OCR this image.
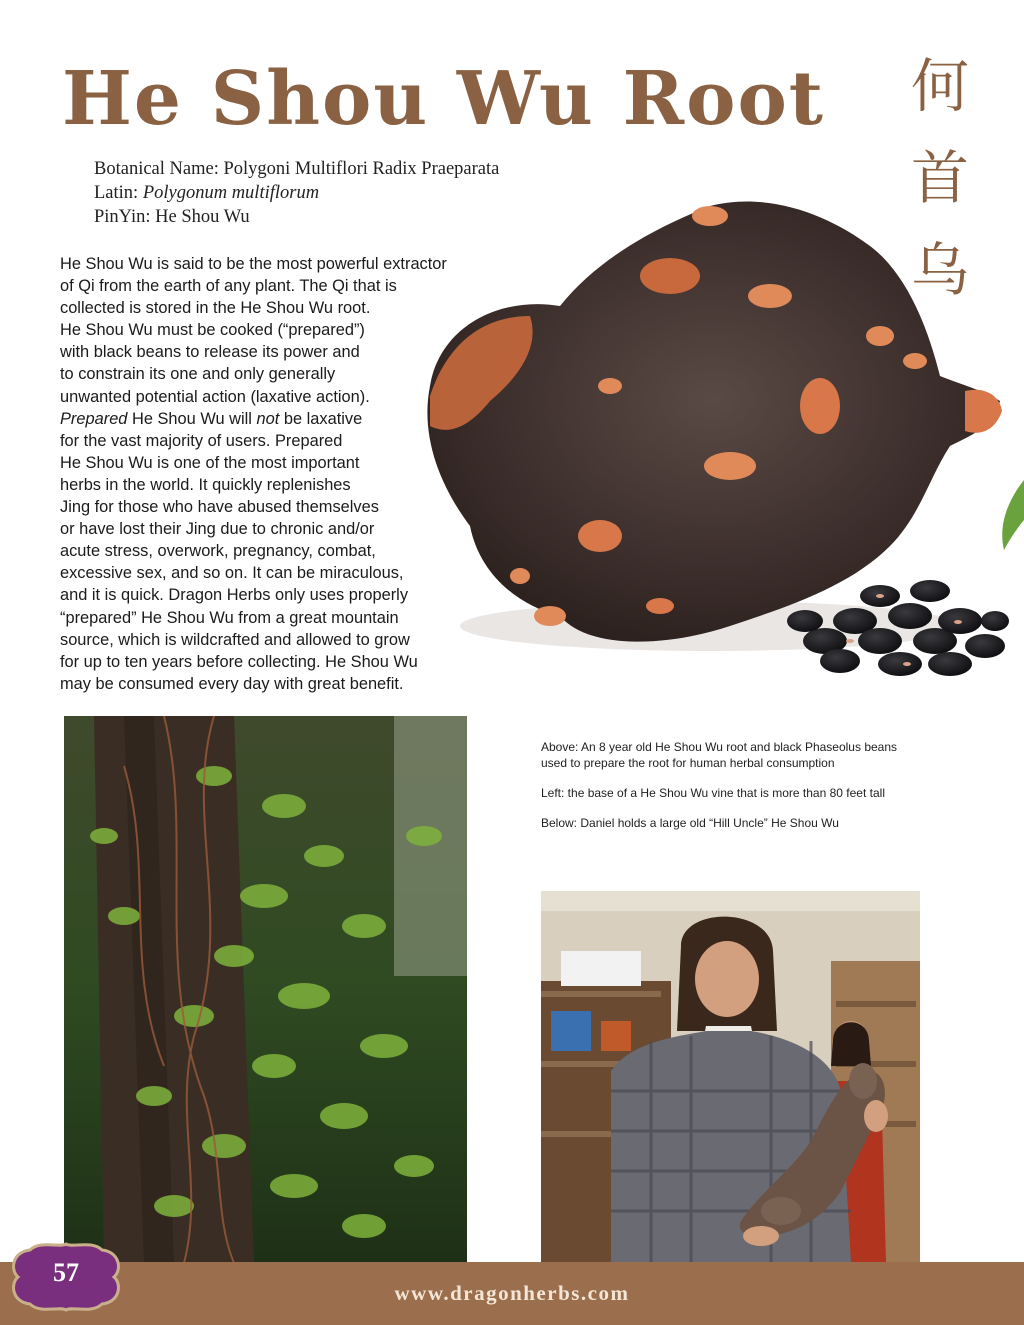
He Shou Wu Root 何
首
乌
Botanical Name: Polygoni Multiflori Radix Praeparata
Latin: Polygonum multiflorum
PinYin: He Shou Wu

He Shou Wu is said to be the most powerful extractor
of Qi from the earth of any plant. The Qi that is
collected is stored in the He Shou Wu root.
He Shou Wu must be cooked (“prepared”)
with black beans to release its power and
to constrain its one and only generally
unwanted potential action (laxative action).
Prepared He Shou Wu will not be laxative
for the vast majority of users. Prepared
He Shou Wu is one of the most important
herbs in the world. It quickly replenishes
Jing for those who have abused themselves
or have lost their Jing due to chronic and/or
acute stress, overwork, pregnancy, combat,
excessive sex, and so on. It can be miraculous,
and it is quick. Dragon Herbs only uses properly
“prepared” He Shou Wu from a great mountain
source, which is wildcrafted and allowed to grow
for up to ten years before collecting. He Shou Wu
may be consumed every day with great benefit.

Above: An 8 year old He Shou Wu root and black Phaseolus beans used to prepare the root for human herbal consumption

Left: the base of a He Shou Wu vine that is more than 80 feet tall

Below: Daniel holds a large old “Hill Uncle” He Shou Wu

www.dragonherbs.com
57
